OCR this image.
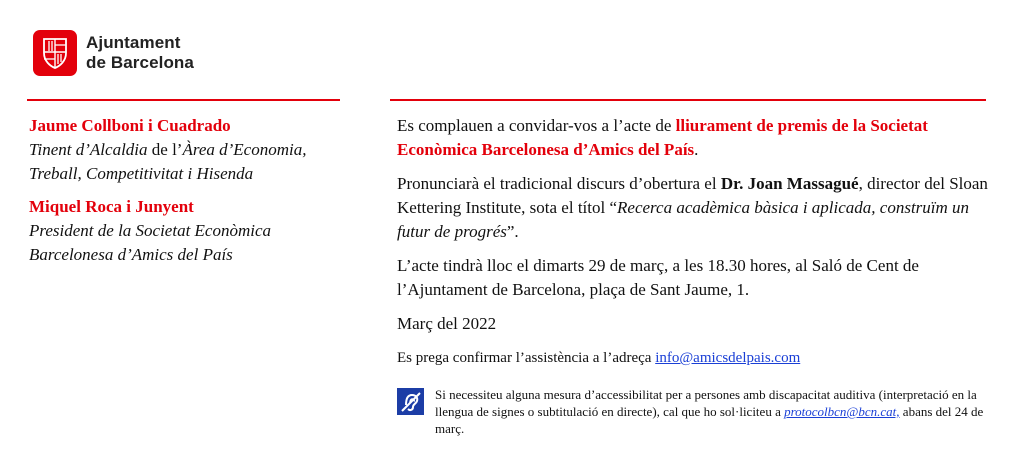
Ajuntament
de Barcelona
Jaume Collboni i Cuadrado
Tinent d’Alcaldia de l’Àrea d’Economia, Treball, Competitivitat i Hisenda
Miquel Roca i Junyent
President de la Societat Econòmica Barcelonesa d’Amics del País

Es complauen a convidar-vos a l’acte de lliurament de premis de la Societat Econòmica Barcelonesa d’Amics del País.

Pronunciarà el tradicional discurs d’obertura el Dr. Joan Massagué, director del Sloan Kettering Institute, sota el títol “Recerca acadèmica bàsica i aplicada, construïm un futur de progrés”.

L’acte tindrà lloc el dimarts 29 de març, a les 18.30 hores, al Saló de Cent de l’Ajuntament de Barcelona, plaça de Sant Jaume, 1.

Març del 2022

Es prega confirmar l’assistència a l’adreça info@amicsdelpais.com

Si necessiteu alguna mesura d’accessibilitat per a persones amb discapacitat auditiva (interpretació en la llengua de signes o subtitulació en directe), cal que ho sol·liciteu a protocolbcn@bcn.cat, abans del 24 de març.
